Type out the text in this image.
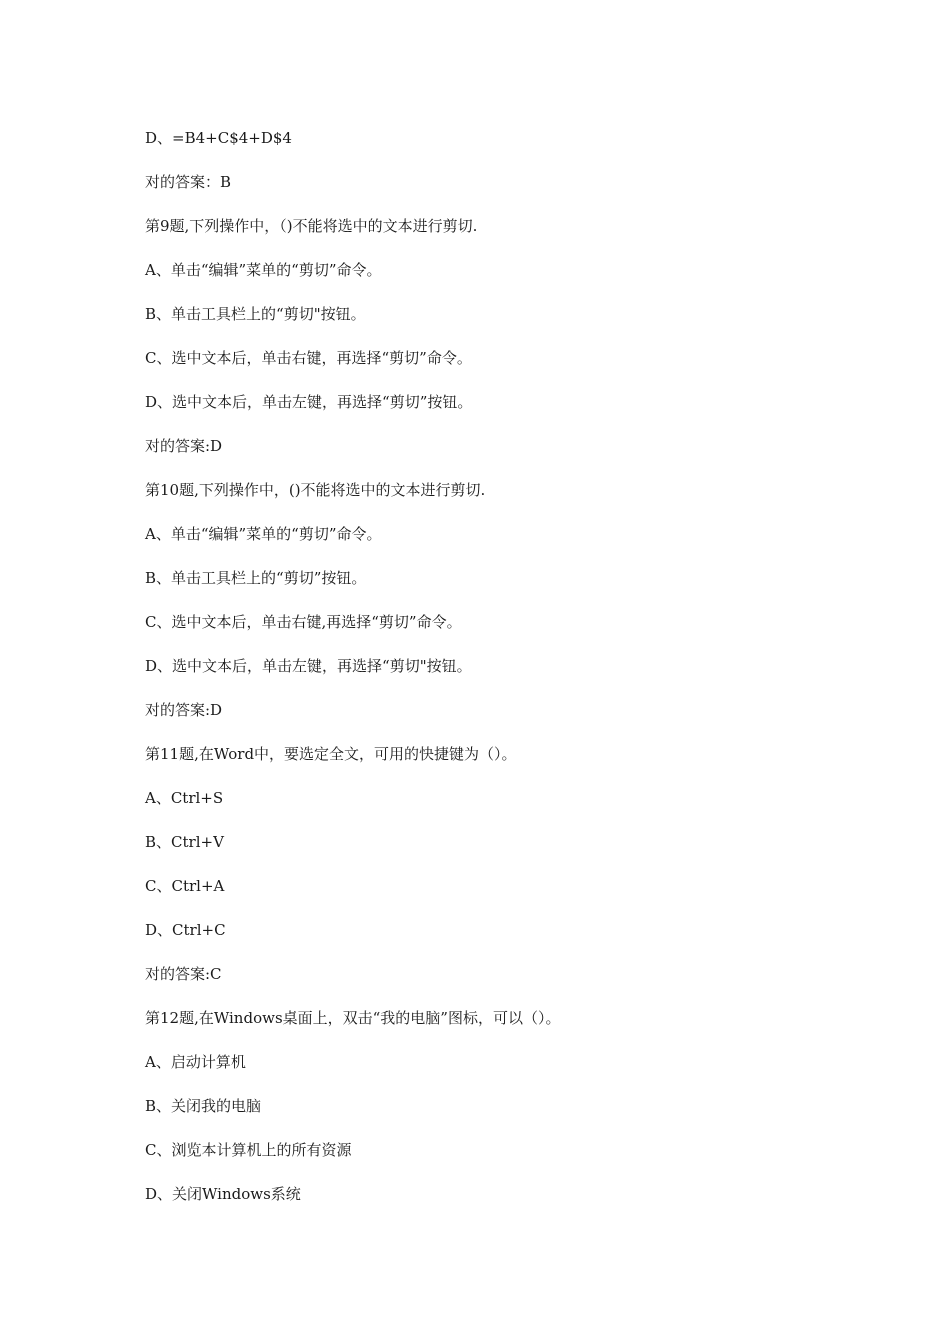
D、=B4+C$4+D$4
对的答案：B
第9题,下列操作中，（)不能将选中的文本进行剪切.
A、单击“编辑”菜单的“剪切”命令。
B、单击工具栏上的“剪切"按钮。
C、选中文本后，单击右键，再选择“剪切”命令。
D、选中文本后，单击左键，再选择“剪切”按钮。
对的答案:D
第10题,下列操作中，()不能将选中的文本进行剪切.
A、单击“编辑”菜单的“剪切”命令。
B、单击工具栏上的“剪切”按钮。
C、选中文本后，单击右键,再选择“剪切”命令。
D、选中文本后，单击左键，再选择“剪切"按钮。
对的答案:D
第11题,在Word中，要选定全文，可用的快捷键为（）。
A、Ctrl+S
B、Ctrl+V
C、Ctrl+A
D、Ctrl+C
对的答案:C
第12题,在Windows桌面上，双击“我的电脑”图标，可以（）。
A、启动计算机
B、关闭我的电脑
C、浏览本计算机上的所有资源
D、关闭Windows系统
